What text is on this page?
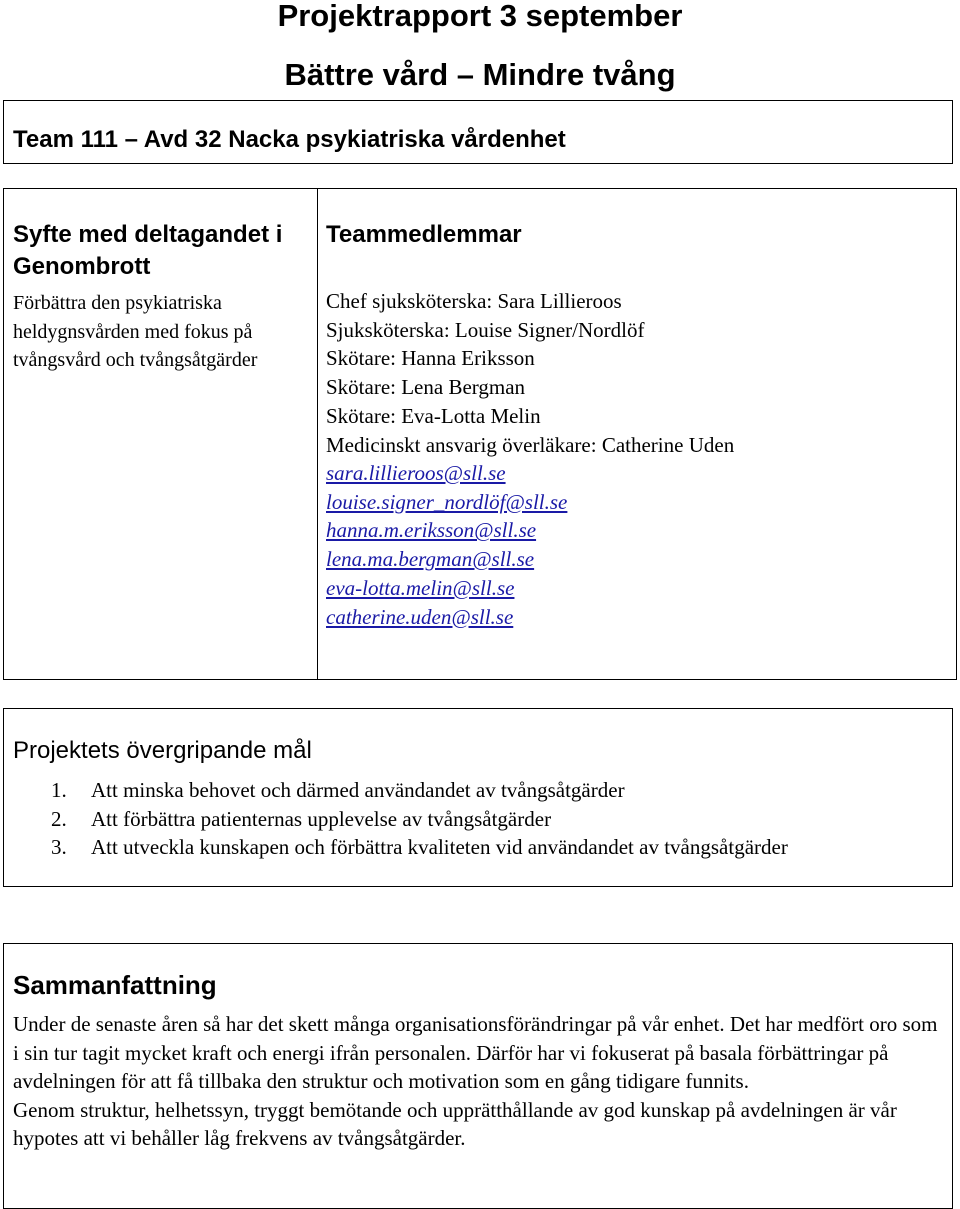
Projektrapport 3 september
Bättre vård – Mindre tvång
Team 111 – Avd 32 Nacka psykiatriska vårdenhet
Syfte med deltagandet i Genombrott
Förbättra den psykiatriska heldygnsvården med fokus på tvångsvård och tvångsåtgärder
Teammedlemmar
Chef sjuksköterska: Sara Lillieroos
Sjuksköterska: Louise Signer/Nordlöf
Skötare: Hanna Eriksson
Skötare: Lena Bergman
Skötare: Eva-Lotta Melin
Medicinskt ansvarig överläkare: Catherine Uden
sara.lillieroos@sll.se
louise.signer_nordlöf@sll.se
hanna.m.eriksson@sll.se
lena.ma.bergman@sll.se
eva-lotta.melin@sll.se
catherine.uden@sll.se
Projektets övergripande mål
1. Att minska behovet och därmed användandet av tvångsåtgärder
2. Att förbättra patienternas upplevelse av tvångsåtgärder
3. Att utveckla kunskapen och förbättra kvaliteten vid användandet av tvångsåtgärder
Sammanfattning
Under de senaste åren så har det skett många organisationsförändringar på vår enhet. Det har medfört oro som i sin tur tagit mycket kraft och energi ifrån personalen. Därför har vi fokuserat på basala förbättringar på avdelningen för att få tillbaka den struktur och motivation som en gång tidigare funnits.
Genom struktur, helhetssyn, tryggt bemötande och upprätthållande av god kunskap på avdelningen är vår hypotes att vi behåller låg frekvens av tvångsåtgärder.
